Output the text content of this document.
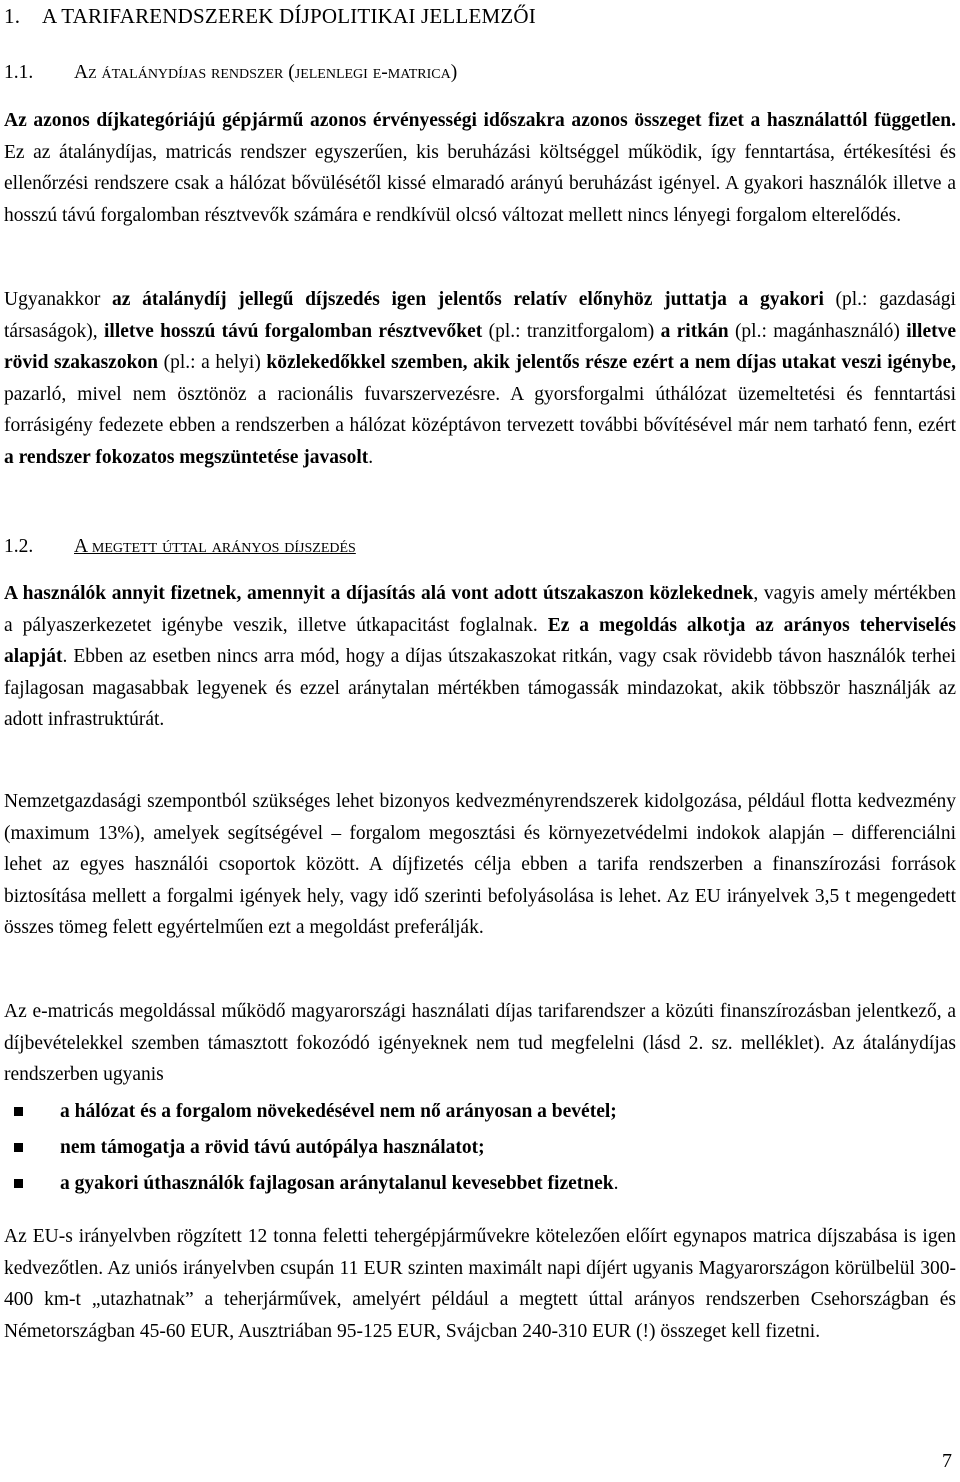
1. A TARIFARENDSZEREK DÍJPOLITIKAI JELLEMZŐI
1.1. Az átalánydíjas rendszer (jelenlegi e-matrica)

Az azonos díjkategóriájú gépjármű azonos érvényességi időszakra azonos összeget fizet a használattól független. Ez az átalánydíjas, matricás rendszer egyszerűen, kis beruházási költséggel működik, így fenntartása, értékesítési és ellenőrzési rendszere csak a hálózat bővülésétől kissé elmaradó arányú beruházást igényel. A gyakori használók illetve a hosszú távú forgalomban résztvevők számára e rendkívül olcsó változat mellett nincs lényegi forgalom elterelődés.

Ugyanakkor az átalánydíj jellegű díjszedés igen jelentős relatív előnyhöz juttatja a gyakori (pl.: gazdasági társaságok), illetve hosszú távú forgalomban résztvevőket (pl.: tranzitforgalom) a ritkán (pl.: magánhasználó) illetve rövid szakaszokon (pl.: a helyi) közlekedőkkel szemben, akik jelentős része ezért a nem díjas utakat veszi igénybe, pazarló, mivel nem ösztönöz a racionális fuvarszervezésre. A gyorsforgalmi úthálózat üzemeltetési és fenntartási forrásigény fedezete ebben a rendszerben a hálózat középtávon tervezett további bővítésével már nem tarható fenn, ezért a rendszer fokozatos megszüntetése javasolt.

1.2. A megtett úttal arányos díjszedés

A használók annyit fizetnek, amennyit a díjasítás alá vont adott útszakaszon közlekednek, vagyis amely mértékben a pályaszerkezetet igénybe veszik, illetve útkapacitást foglalnak. Ez a megoldás alkotja az arányos teherviselés alapját. Ebben az esetben nincs arra mód, hogy a díjas útszakaszokat ritkán, vagy csak rövidebb távon használók terhei fajlagosan magasabbak legyenek és ezzel aránytalan mértékben támogassák mindazokat, akik többször használják az adott infrastruktúrát.

Nemzetgazdasági szempontból szükséges lehet bizonyos kedvezményrendszerek kidolgozása, például flotta kedvezmény (maximum 13%), amelyek segítségével – forgalom megosztási és környezetvédelmi indokok alapján – differenciálni lehet az egyes használói csoportok között. A díjfizetés célja ebben a tarifa rendszerben a finanszírozási források biztosítása mellett a forgalmi igények hely, vagy idő szerinti befolyásolása is lehet. Az EU irányelvek 3,5 t megengedett összes tömeg felett egyértelműen ezt a megoldást preferálják.

Az e-matricás megoldással működő magyarországi használati díjas tarifarendszer a közúti finanszírozásban jelentkező, a díjbevételekkel szemben támasztott fokozódó igényeknek nem tud megfelelni (lásd 2. sz. melléklet). Az átalánydíjas rendszerben ugyanis

a hálózat és a forgalom növekedésével nem nő arányosan a bevétel;
nem támogatja a rövid távú autópálya használatot;
a gyakori úthasználók fajlagosan aránytalanul kevesebbet fizetnek.

Az EU-s irányelvben rögzített 12 tonna feletti tehergépjárművekre kötelezően előírt egynapos matrica díjszabása is igen kedvezőtlen. Az uniós irányelvben csupán 11 EUR szinten maximált napi díjért ugyanis Magyarországon körülbelül 300-400 km-t „utazhatnak” a teherjárművek, amelyért például a megtett úttal arányos rendszerben Csehországban és Németországban 45-60 EUR, Ausztriában 95-125 EUR, Svájcban 240-310 EUR (!) összeget kell fizetni.

7
